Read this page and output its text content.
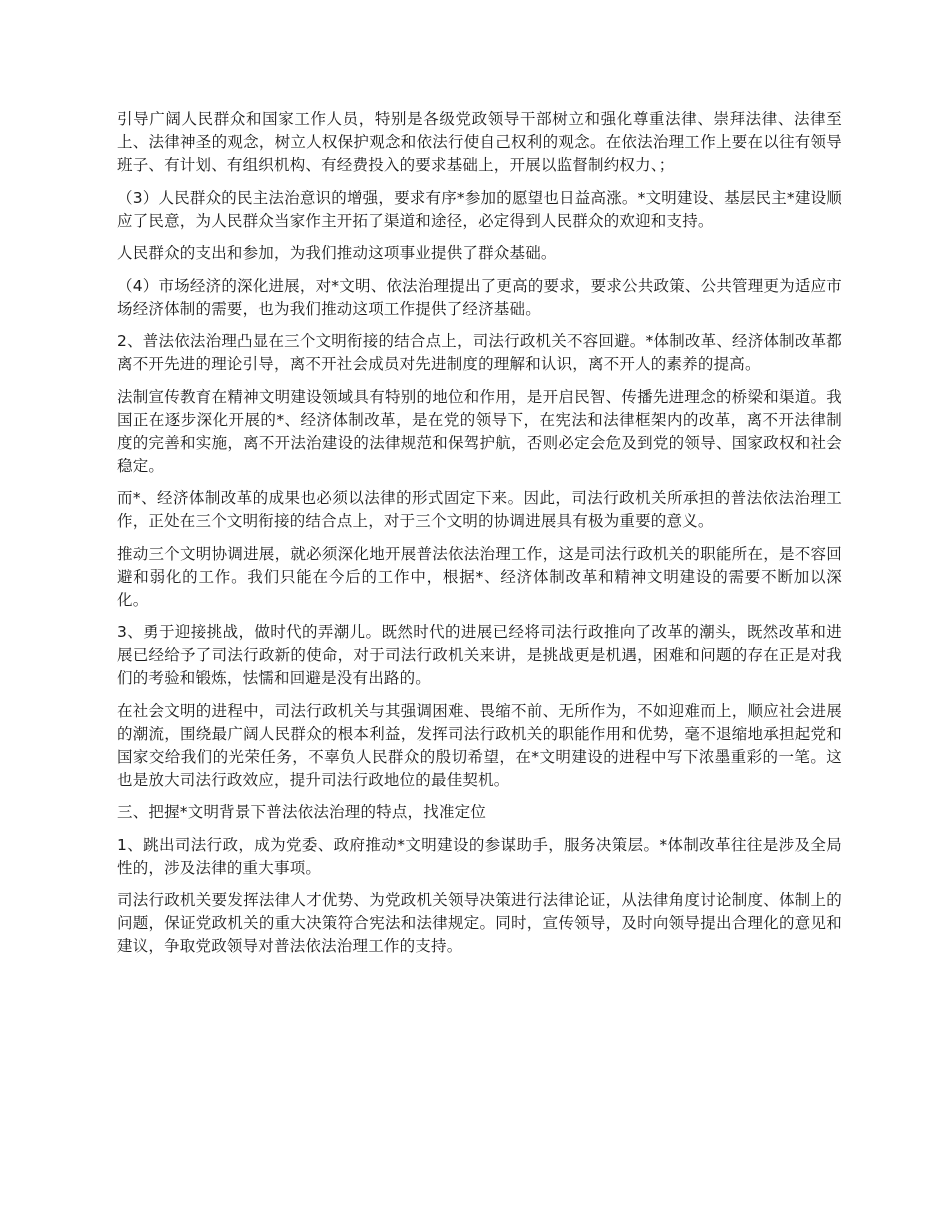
引导广阔人民群众和国家工作人员，特别是各级党政领导干部树立和强化尊重法律、崇拜法律、法律至上、法律神圣的观念，树立人权保护观念和依法行使自己权利的观念。在依法治理工作上要在以往有领导班子、有计划、有组织机构、有经费投入的要求基础上，开展以监督制约权力、；

（3）人民群众的民主法治意识的增强，要求有序*参加的愿望也日益高涨。*文明建设、基层民主*建设顺应了民意，为人民群众当家作主开拓了渠道和途径，必定得到人民群众的欢迎和支持。

人民群众的支出和参加，为我们推动这项事业提供了群众基础。

（4）市场经济的深化进展，对*文明、依法治理提出了更高的要求，要求公共政策、公共管理更为适应市场经济体制的需要，也为我们推动这项工作提供了经济基础。

2、普法依法治理凸显在三个文明衔接的结合点上，司法行政机关不容回避。*体制改革、经济体制改革都离不开先进的理论引导，离不开社会成员对先进制度的理解和认识，离不开人的素养的提高。

法制宣传教育在精神文明建设领域具有特别的地位和作用，是开启民智、传播先进理念的桥梁和渠道。我国正在逐步深化开展的*、经济体制改革，是在党的领导下，在宪法和法律框架内的改革，离不开法律制度的完善和实施，离不开法治建设的法律规范和保驾护航，否则必定会危及到党的领导、国家政权和社会稳定。

而*、经济体制改革的成果也必须以法律的形式固定下来。因此，司法行政机关所承担的普法依法治理工作，正处在三个文明衔接的结合点上，对于三个文明的协调进展具有极为重要的意义。

推动三个文明协调进展，就必须深化地开展普法依法治理工作，这是司法行政机关的职能所在，是不容回避和弱化的工作。我们只能在今后的工作中，根据*、经济体制改革和精神文明建设的需要不断加以深化。

3、勇于迎接挑战，做时代的弄潮儿。既然时代的进展已经将司法行政推向了改革的潮头，既然改革和进展已经给予了司法行政新的使命，对于司法行政机关来讲，是挑战更是机遇，困难和问题的存在正是对我们的考验和锻炼，怯懦和回避是没有出路的。

在社会文明的进程中，司法行政机关与其强调困难、畏缩不前、无所作为，不如迎难而上，顺应社会进展的潮流，围绕最广阔人民群众的根本利益，发挥司法行政机关的职能作用和优势，毫不退缩地承担起党和国家交给我们的光荣任务，不辜负人民群众的殷切希望，在*文明建设的进程中写下浓墨重彩的一笔。这也是放大司法行政效应，提升司法行政地位的最佳契机。

三、把握*文明背景下普法依法治理的特点，找准定位

1、跳出司法行政，成为党委、政府推动*文明建设的参谋助手，服务决策层。*体制改革往往是涉及全局性的，涉及法律的重大事项。

司法行政机关要发挥法律人才优势、为党政机关领导决策进行法律论证，从法律角度讨论制度、体制上的问题，保证党政机关的重大决策符合宪法和法律规定。同时，宣传领导，及时向领导提出合理化的意见和建议，争取党政领导对普法依法治理工作的支持。
